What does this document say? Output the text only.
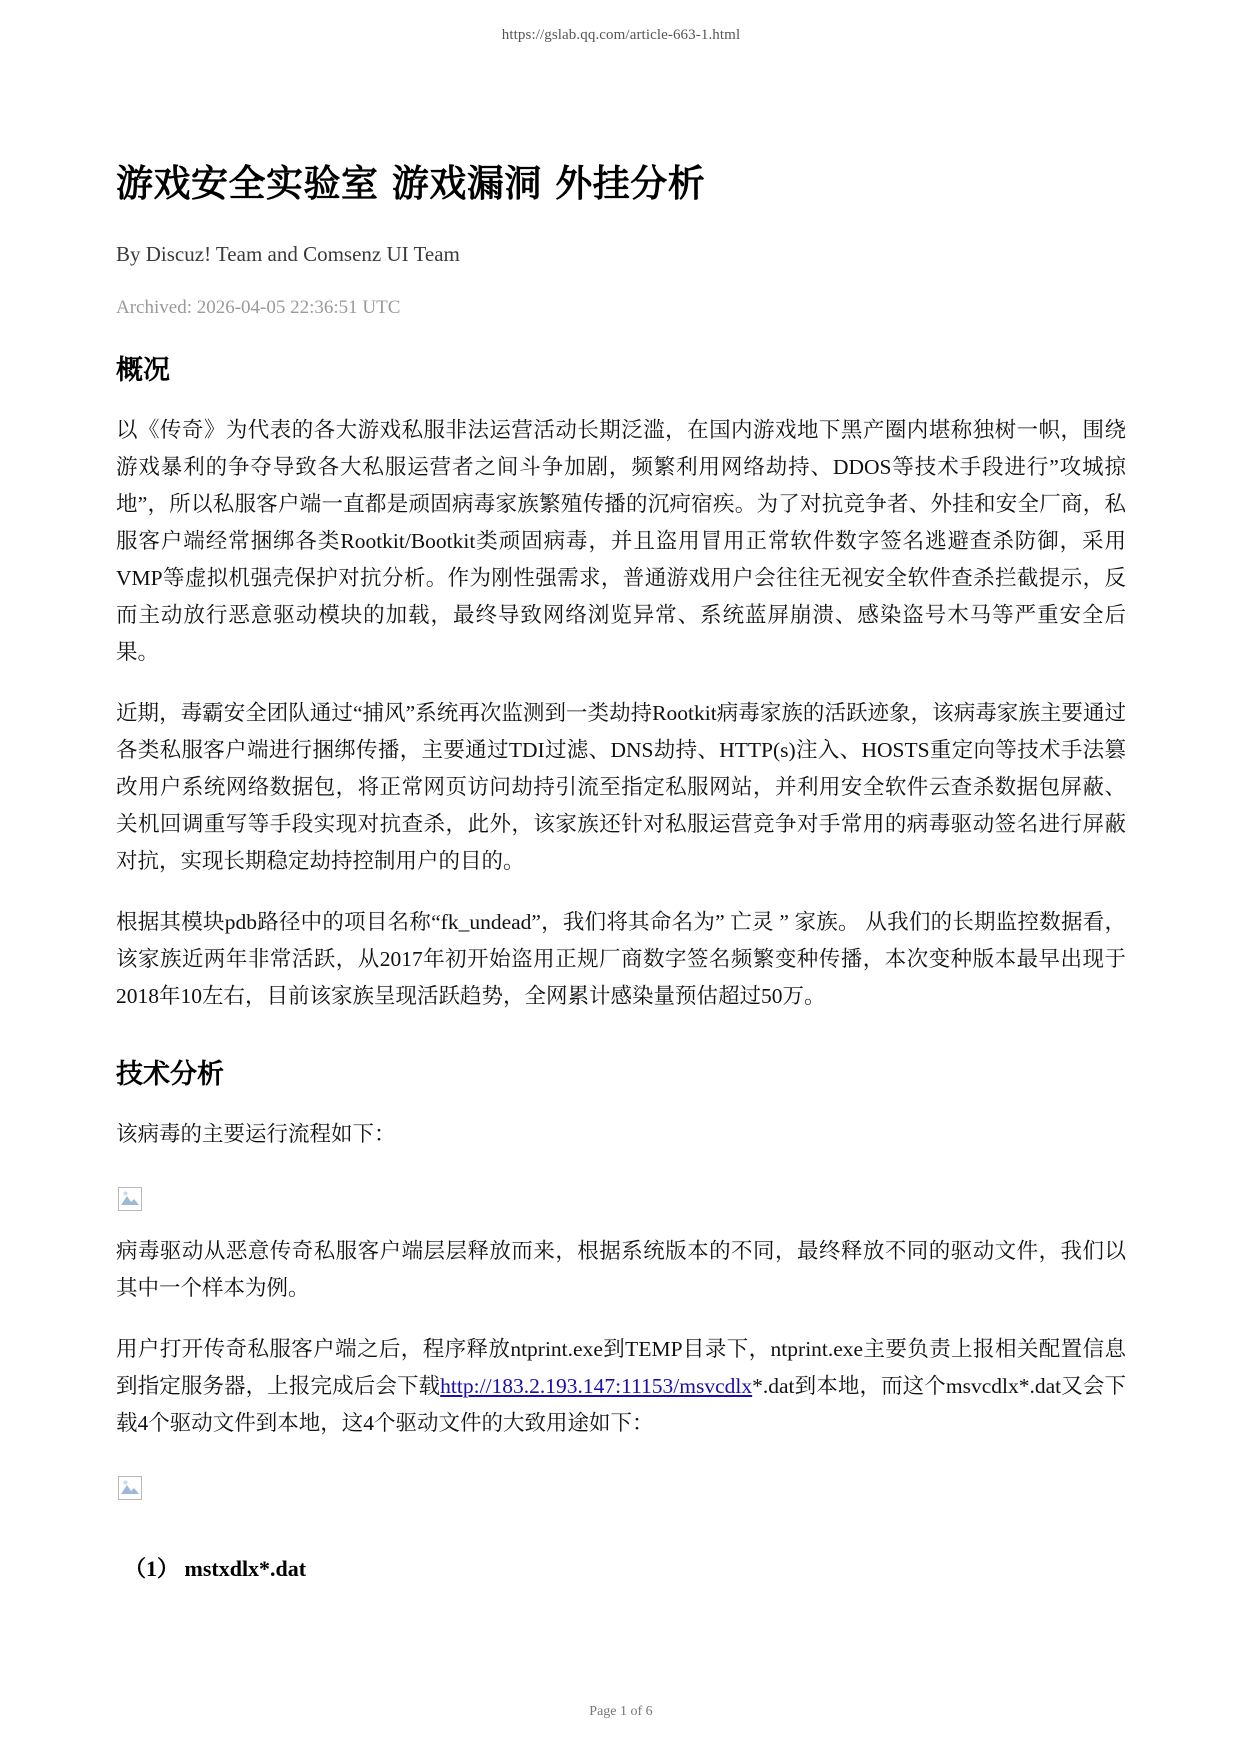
https://gslab.qq.com/article-663-1.html
游戏安全实验室 游戏漏洞 外挂分析

By Discuz! Team and Comsenz UI Team

Archived: 2026-04-05 22:36:51 UTC

概况

以《传奇》为代表的各大游戏私服非法运营活动长期泛滥，在国内游戏地下黑产圈内堪称独树一帜，围绕游戏暴利的争夺导致各大私服运营者之间斗争加剧，频繁利用网络劫持、DDOS等技术手段进行”攻城掠地”，所以私服客户端一直都是顽固病毒家族繁殖传播的沉疴宿疾。为了对抗竞争者、外挂和安全厂商，私服客户端经常捆绑各类Rootkit/Bootkit类顽固病毒，并且盗用冒用正常软件数字签名逃避查杀防御，采用VMP等虚拟机强壳保护对抗分析。作为刚性强需求，普通游戏用户会往往无视安全软件查杀拦截提示，反而主动放行恶意驱动模块的加载，最终导致网络浏览异常、系统蓝屏崩溃、感染盗号木马等严重安全后果。

近期，毒霸安全团队通过“捕风”系统再次监测到一类劫持Rootkit病毒家族的活跃迹象，该病毒家族主要通过各类私服客户端进行捆绑传播，主要通过TDI过滤、DNS劫持、HTTP(s)注入、HOSTS重定向等技术手法篡改用户系统网络数据包，将正常网页访问劫持引流至指定私服网站，并利用安全软件云查杀数据包屏蔽、关机回调重写等手段实现对抗查杀，此外，该家族还针对私服运营竞争对手常用的病毒驱动签名进行屏蔽对抗，实现长期稳定劫持控制用户的目的。

根据其模块pdb路径中的项目名称“fk_undead”，我们将其命名为” 亡灵 ” 家族。 从我们的长期监控数据看，该家族近两年非常活跃，从2017年初开始盗用正规厂商数字签名频繁变种传播，本次变种版本最早出现于2018年10左右，目前该家族呈现活跃趋势，全网累计感染量预估超过50万。

技术分析

该病毒的主要运行流程如下：

病毒驱动从恶意传奇私服客户端层层释放而来，根据系统版本的不同，最终释放不同的驱动文件，我们以其中一个样本为例。

用户打开传奇私服客户端之后，程序释放ntprint.exe到TEMP目录下，ntprint.exe主要负责上报相关配置信息到指定服务器，上报完成后会下载http://183.2.193.147:11153/msvcdlx*.dat到本地，而这个msvcdlx*.dat又会下载4个驱动文件到本地，这4个驱动文件的大致用途如下：

（1） mstxdlx*.dat
Page 1 of 6
